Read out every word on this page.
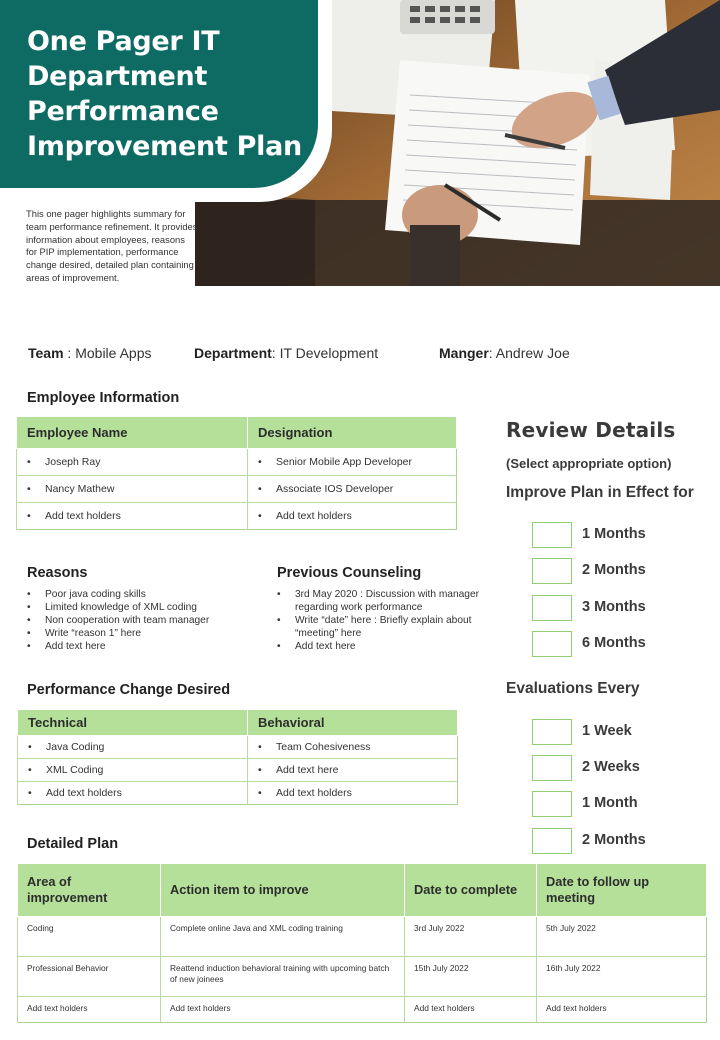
One Pager IT Department Performance Improvement Plan

This one pager highlights summary for team performance refinement. It provides information about employees, reasons for PIP implementation, performance change desired, detailed plan containing areas of improvement.

Team : Mobile Apps	Department: IT Development	Manger: Andrew Joe
Employee Information
Employee Name	Designation
• Joseph Ray	• Senior Mobile App Developer
• Nancy Mathew	• Associate IOS Developer
• Add text holders	• Add text holders
Reasons
• Poor java coding skills
• Limited knowledge of XML coding
• Non cooperation with team manager
• Write “reason 1” here
• Add text here
Previous Counseling
• 3rd May 2020 : Discussion with manager regarding work performance
• Write “date” here : Briefly explain about “meeting” here
• Add text here
Performance Change Desired
Technical	Behavioral
• Java Coding	• Team Cohesiveness
• XML Coding	• Add text here
• Add text holders	• Add text holders
Detailed Plan
Area of improvement	Action item to improve	Date to complete	Date to follow up meeting
Coding	Complete online Java and XML coding training	3rd July 2022	5th July 2022
Professional Behavior	Reattend induction behavioral training with upcoming batch of new joinees	15th July 2022	16th July 2022
Add text holders	Add text holders	Add text holders	Add text holders
Review Details
(Select appropriate option)
Improve Plan in Effect for
1 Months
2 Months
3 Months
6 Months
Evaluations Every
1 Week
2 Weeks
1 Month
2 Months
